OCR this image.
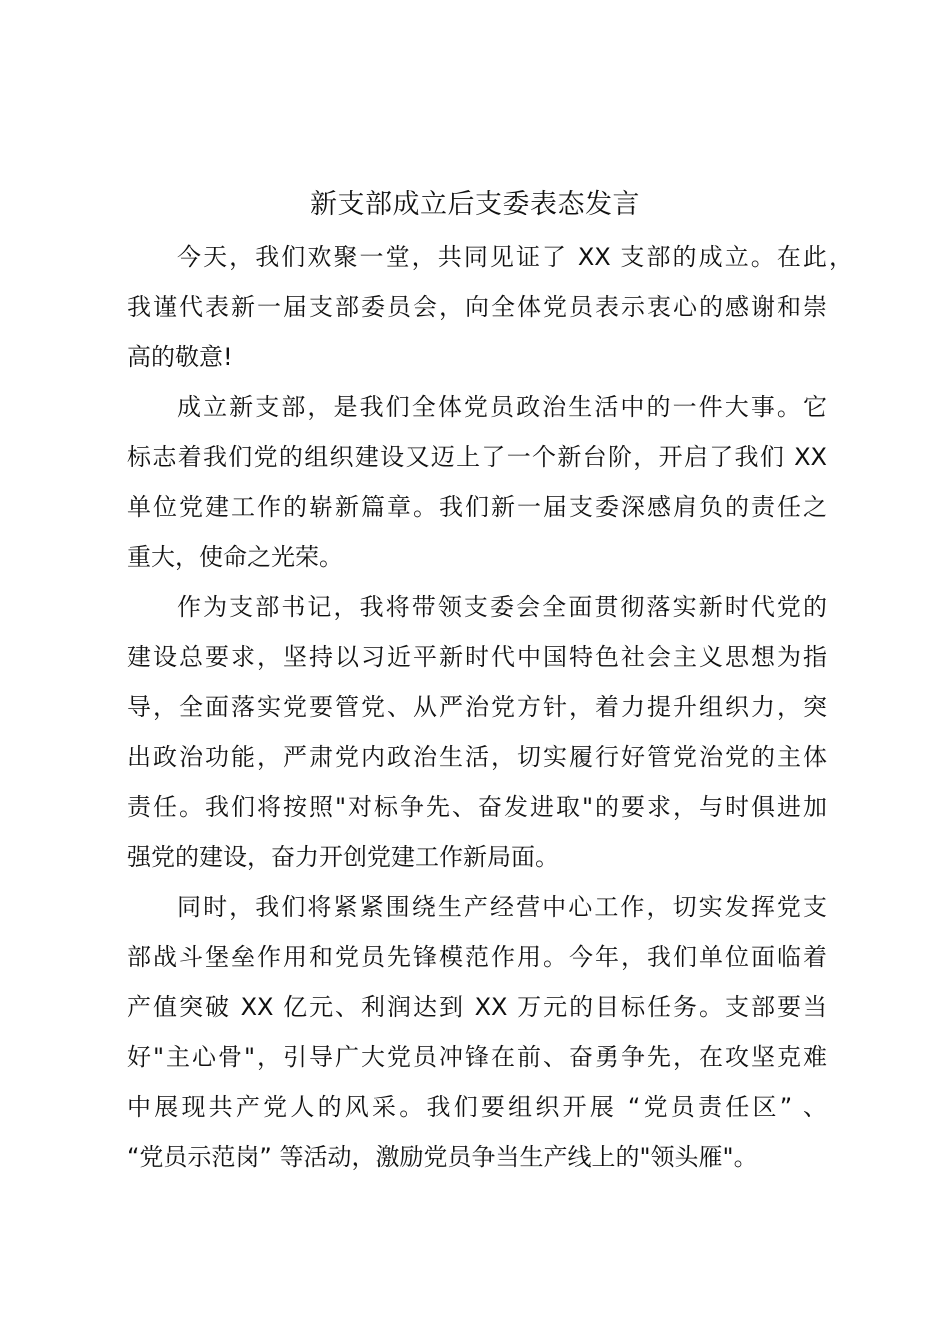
新支部成立后支委表态发言
今天，我们欢聚一堂，共同见证了 XX 支部的成立。在此，
我谨代表新一届支部委员会，向全体党员表示衷心的感谢和崇
高的敬意!
成立新支部，是我们全体党员政治生活中的一件大事。它
标志着我们党的组织建设又迈上了一个新台阶，开启了我们 XX
单位党建工作的崭新篇章。我们新一届支委深感肩负的责任之
重大，使命之光荣。
作为支部书记，我将带领支委会全面贯彻落实新时代党的
建设总要求，坚持以习近平新时代中国特色社会主义思想为指
导，全面落实党要管党、从严治党方针，着力提升组织力，突
出政治功能，严肃党内政治生活，切实履行好管党治党的主体
责任。我们将按照"对标争先、奋发进取"的要求，与时俱进加
强党的建设，奋力开创党建工作新局面。
同时，我们将紧紧围绕生产经营中心工作，切实发挥党支
部战斗堡垒作用和党员先锋模范作用。今年，我们单位面临着
产值突破 XX 亿元、利润达到 XX 万元的目标任务。支部要当
好"主心骨"，引导广大党员冲锋在前、奋勇争先，在攻坚克难
中展现共产党人的风采。我们要组织开展 “党员责任区” 、
“党员示范岗” 等活动，激励党员争当生产线上的"领头雁"。
